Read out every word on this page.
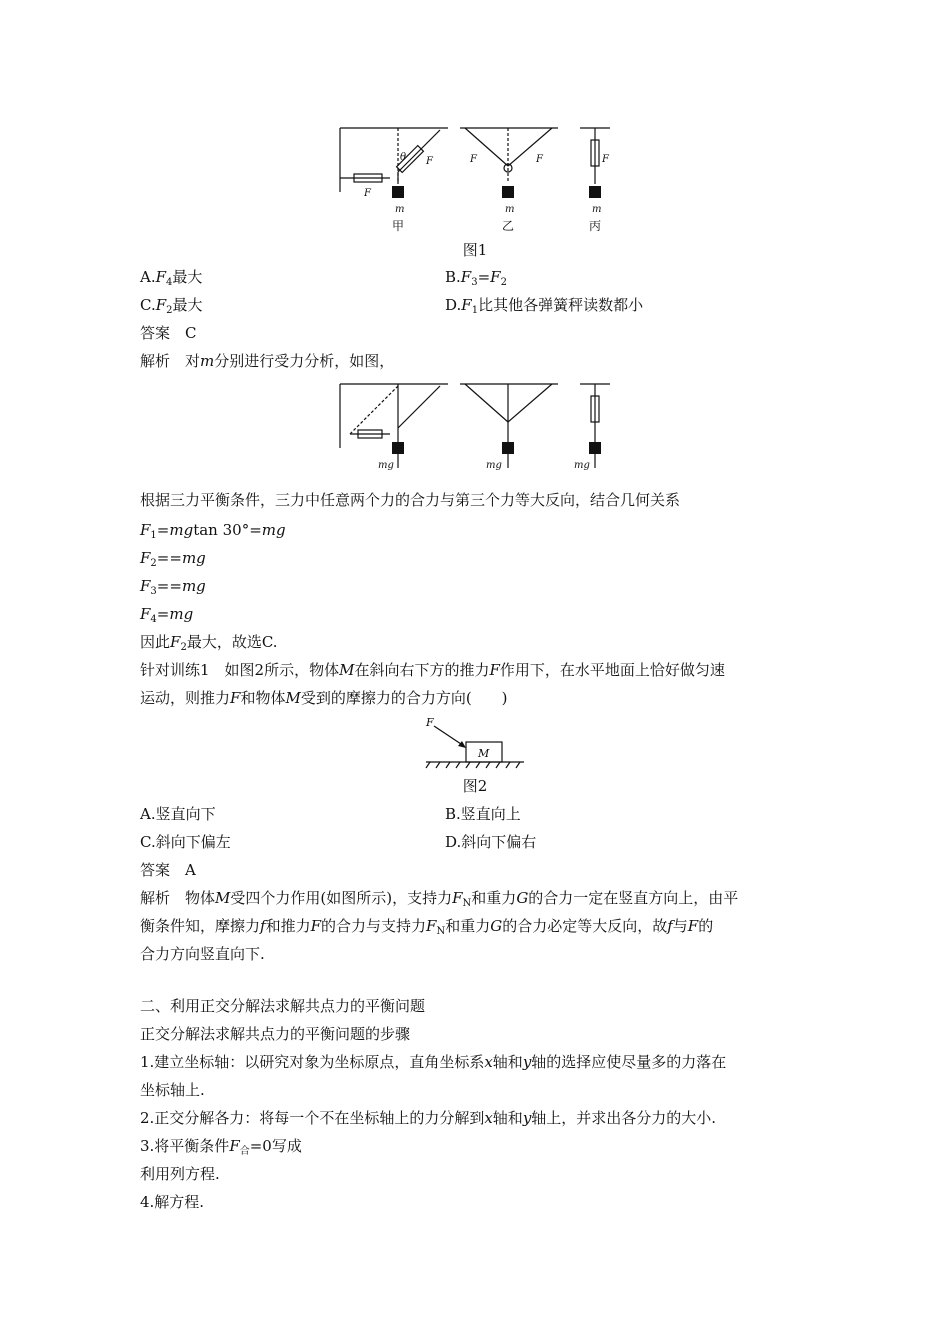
F
F	F	F	F
θ
m	m	m
甲	乙	丙
图1
$A.F_4$最大	$B.F_3=F_2$
$C.F_2$最大	$D.F_1$比其他各弹簧秤读数都小
答案　 C
解析　 对m分别进行受力分析，如图，
mg	mg	mg
根据三力平衡条件，三力中任意两个力的合力与第三个力等大反向，结合几何关系
$F_1=mgtan$ 30°=mg
$F_2==mg$
$F_3==mg$
$F_4=mg$
因此$F_2$最大，故选C.
针对训练1　如图2所示，物体M在斜向右下方的推力F作用下，在水平地面上恰好做匀速
运动，则推力F和物体M受到的摩擦力的合力方向(　　)
F
M
图2
A.竖直向下	B.竖直向上
C.斜向下偏左	D.斜向下偏右
答案　 A
解析　 物体M受四个力作用(如图所示)，支持力$F_N$和重力G的合力一定在竖直方向上，由平
衡条件知，摩擦力f和推力F的合力与支持力$F_N$和重力G的合力必定等大反向，故f与F的
合力方向竖直向下.
二、利用正交分解法求解共点力的平衡问题
正交分解法求解共点力的平衡问题的步骤
1.建立坐标轴：以研究对象为坐标原点，直角坐标系x轴和y轴的选择应使尽量多的力落在
坐标轴上.
2.正交分解各力：将每一个不在坐标轴上的力分解到x轴和y轴上，并求出各分力的大小.
3.将平衡条件$F_合=0$写成
利用列方程.
4.解方程.
